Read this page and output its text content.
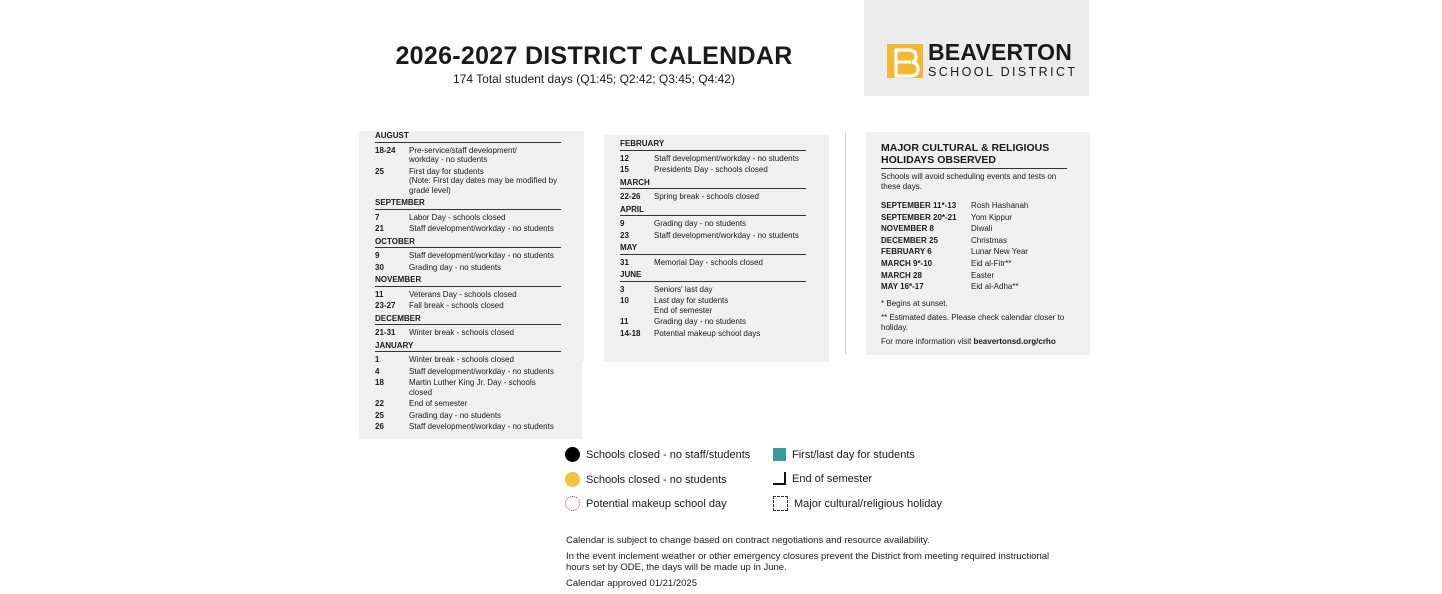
2026-2027 DISTRICT CALENDAR
174 Total student days (Q1:45; Q2:42; Q3:45; Q4:42)
BEAVERTON
SCHOOL DISTRICT
AUGUST
18-24	Pre-service/staff development/
workday - no students
25	First day for students
(Note: First day dates may be modified by
grade level)
SEPTEMBER
7	Labor Day - schools closed
21	Staff development/workday - no students
OCTOBER
9	Staff development/workday - no students
30	Grading day - no students
NOVEMBER
11	Veterans Day - schools closed
23-27	Fall break - schools closed
DECEMBER
21-31	Winter break - schools closed
JANUARY
1	Winter break - schools closed
4	Staff development/workday - no students
18	Martin Luther King Jr. Day - schools closed
22	End of semester
25	Grading day - no students
26	Staff development/workday - no students
FEBRUARY
12	Staff development/workday - no students
15	Presidents Day - schools closed
MARCH
22-26	Spring break - schools closed
APRIL
9	Grading day - no students
23	Staff development/workday - no students
MAY
31	Memorial Day - schools closed
JUNE
3	Seniors' last day
10	Last day for students
End of semester
11	Grading day - no students
14-18	Potential makeup school days
MAJOR CULTURAL & RELIGIOUS
HOLIDAYS OBSERVED
Schools will avoid scheduling events and tests on these days.
SEPTEMBER 11*-13	Rosh Hashanah
SEPTEMBER 20*-21	Yom Kippur
NOVEMBER 8	Diwali
DECEMBER 25	Christmas
FEBRUARY 6	Lunar New Year
MARCH 9*-10	Eid al-Fitr**
MARCH 28	Easter
MAY 16*-17	Eid al-Adha**
* Begins at sunset.
** Estimated dates. Please check calendar closer to holiday.
For more information visit beavertonsd.org/crho
Schools closed - no staff/students
Schools closed - no students
Potential makeup school day
First/last day for students
End of semester
Major cultural/religious holiday

Calendar is subject to change based on contract negotiations and resource availability.

In the event inclement weather or other emergency closures prevent the District from meeting required instructional hours set by ODE, the days will be made up in June.

Calendar approved 01/21/2025
